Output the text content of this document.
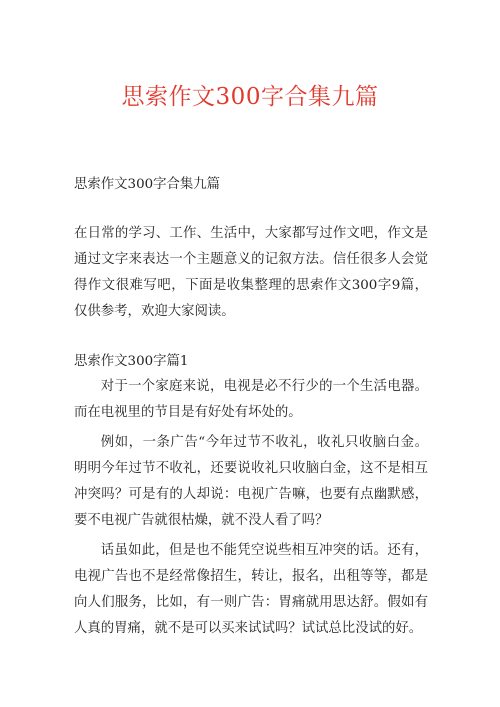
思索作文300字合集九篇

思索作文300字合集九篇

在日常的学习、工作、生活中，大家都写过作文吧，作文是通过文字来表达一个主题意义的记叙方法。信任很多人会觉得作文很难写吧，下面是收集整理的思索作文300字9篇，仅供参考，欢迎大家阅读。

思索作文300字篇1

对于一个家庭来说，电视是必不行少的一个生活电器。而在电视里的节目是有好处有坏处的。

例如，一条广告“今年过节不收礼，收礼只收脑白金。明明今年过节不收礼，还要说收礼只收脑白金，这不是相互冲突吗？可是有的人却说：电视广告嘛，也要有点幽默感，要不电视广告就很枯燥，就不没人看了吗？

话虽如此，但是也不能凭空说些相互冲突的话。还有，电视广告也不是经常像招生，转让，报名，出租等等，都是向人们服务，比如，有一则广告：胃痛就用思达舒。假如有人真的胃痛，就不是可以买来试试吗？试试总比没试的好。
